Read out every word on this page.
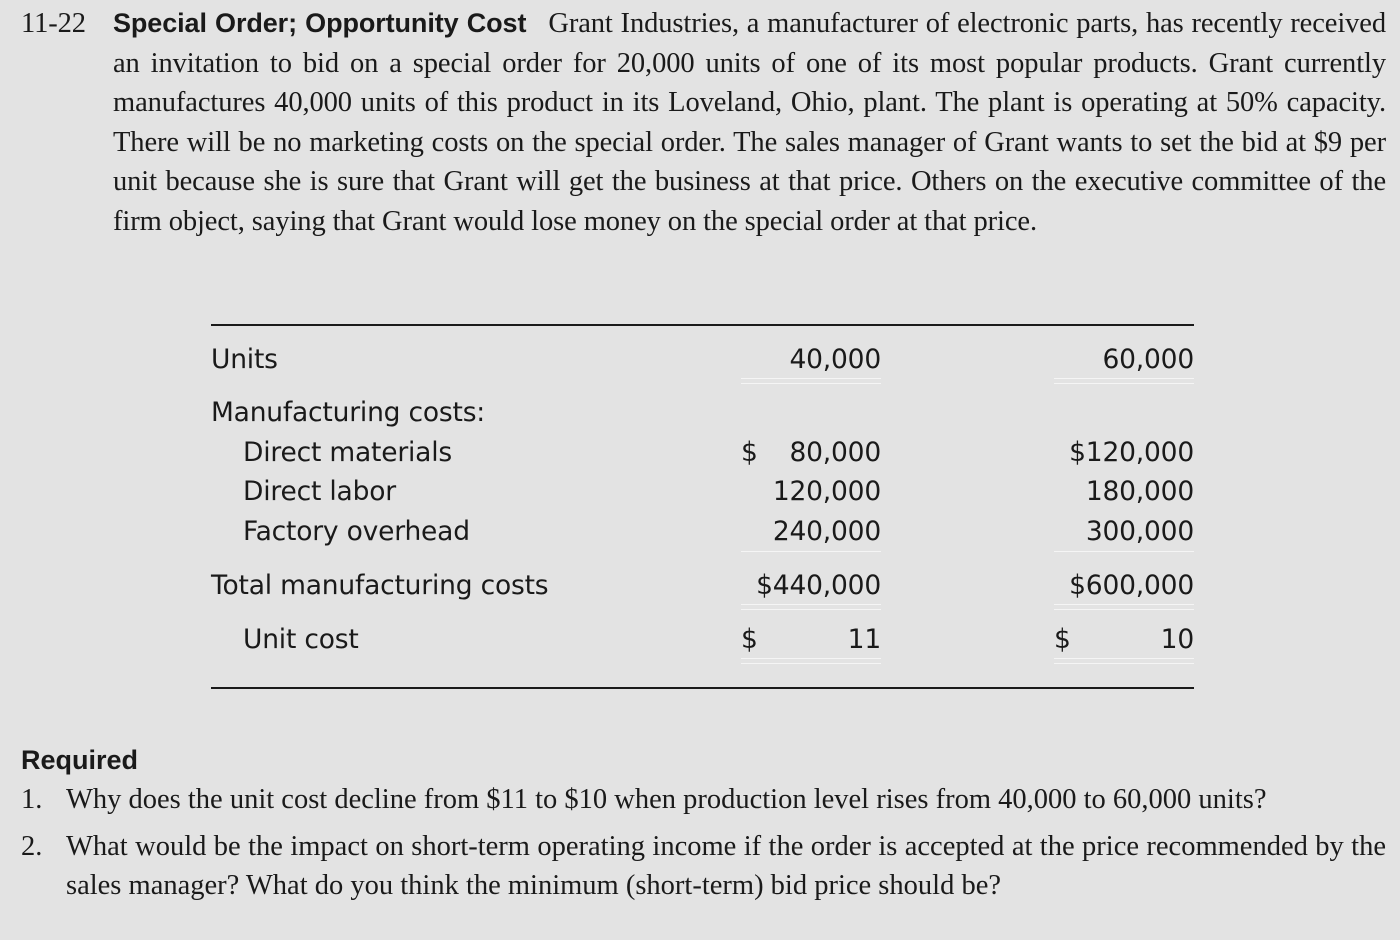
11-22 Special Order; Opportunity Cost Grant Industries, a manufacturer of electronic parts, has recently received an invitation to bid on a special order for 20,000 units of one of its most popular products. Grant currently manufactures 40,000 units of this product in its Loveland, Ohio, plant. The plant is operating at 50% capacity. There will be no marketing costs on the special order. The sales manager of Grant wants to set the bid at $9 per unit because she is sure that Grant will get the business at that price. Others on the executive committee of the firm object, saying that Grant would lose money on the special order at that price.

Units	40,000	60,000
Manufacturing costs:
Direct materials	$ 80,000	$120,000
Direct labor	120,000	180,000
Factory overhead	240,000	300,000
Total manufacturing costs	$440,000	$600,000
Unit cost	$	11	$	10

Required

1. Why does the unit cost decline from $11 to $10 when production level rises from 40,000 to 60,000 units?

2. What would be the impact on short-term operating income if the order is accepted at the price recommended by the sales manager? What do you think the minimum (short-term) bid price should be?
